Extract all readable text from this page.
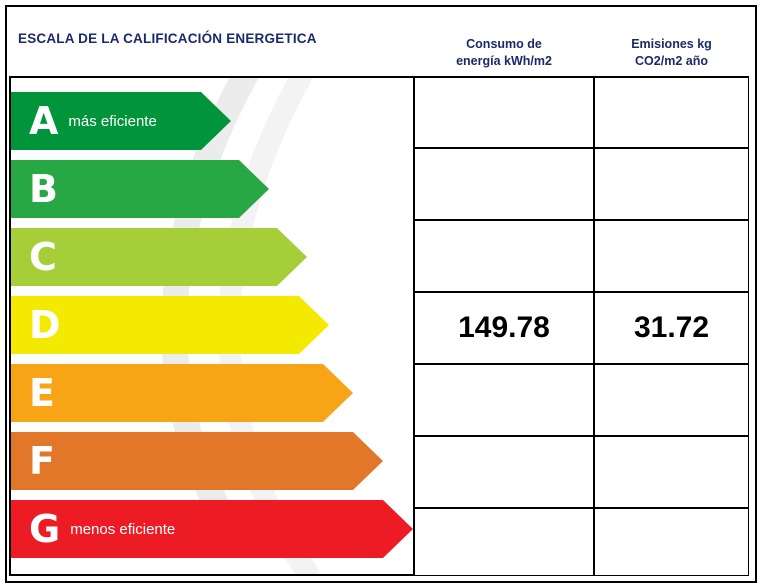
ESCALA DE LA CALIFICACIÓN ENERGETICA	Consumo de
energía kWh/m2
Emisiones kg
CO2/m2 año
A más eficiente
B
C
D
E
F
G menos eficiente
149.78	31.72
